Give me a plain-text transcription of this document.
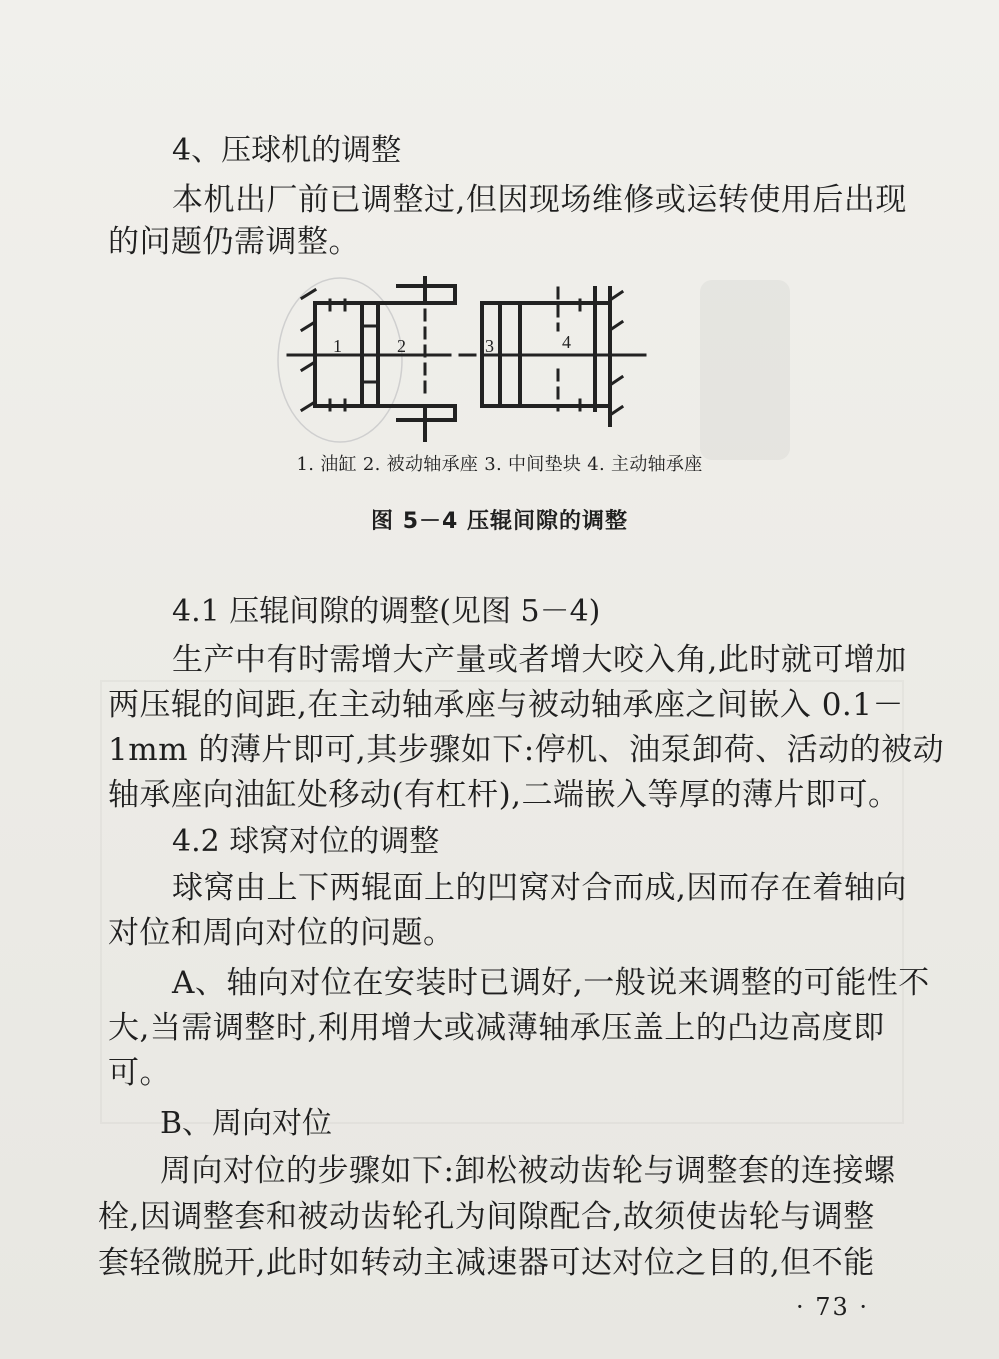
4、压球机的调整
本机出厂前已调整过,但因现场维修或运转使用后出现
的问题仍需调整。
1	2	3	4
1. 油缸 2. 被动轴承座 3. 中间垫块 4. 主动轴承座
图 5－4 压辊间隙的调整
4.1 压辊间隙的调整(见图 5－4)
生产中有时需增大产量或者增大咬入角,此时就可增加
两压辊的间距,在主动轴承座与被动轴承座之间嵌入 0.1－
1mm 的薄片即可,其步骤如下:停机、油泵卸荷、活动的被动
轴承座向油缸处移动(有杠杆),二端嵌入等厚的薄片即可。
4.2 球窝对位的调整
球窝由上下两辊面上的凹窝对合而成,因而存在着轴向
对位和周向对位的问题。
A、轴向对位在安装时已调好,一般说来调整的可能性不
大,当需调整时,利用增大或减薄轴承压盖上的凸边高度即
可。
B、周向对位
周向对位的步骤如下:卸松被动齿轮与调整套的连接螺
栓,因调整套和被动齿轮孔为间隙配合,故须使齿轮与调整
套轻微脱开,此时如转动主减速器可达对位之目的,但不能
· 73 ·
